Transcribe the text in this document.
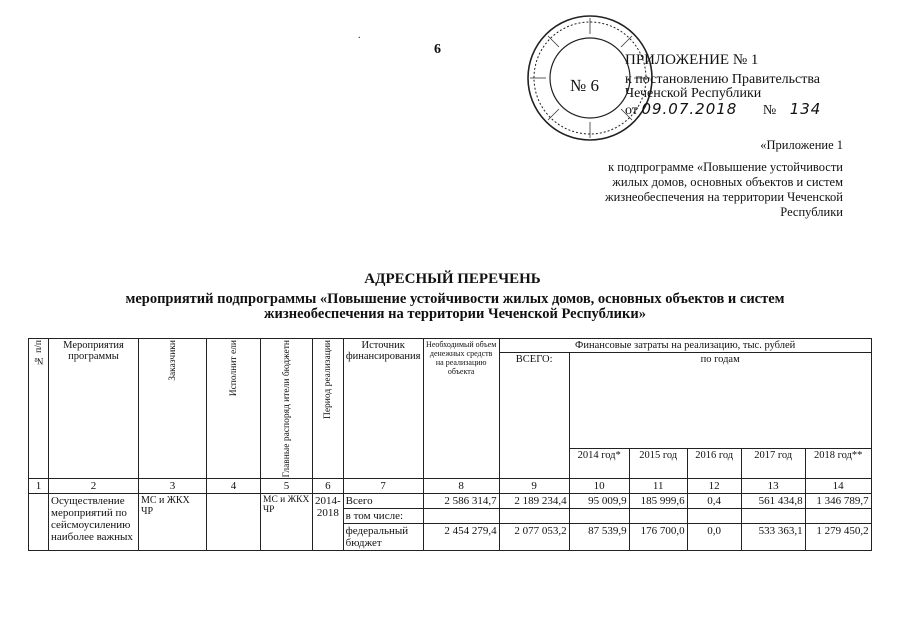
.
6
№ 6
ПРИЛОЖЕНИЕ № 1
к постановлению Правительства
Чеченской Республики
от 09.07.2018 № 134
«Приложение 1
к подпрограмме «Повышение устойчивости жилых домов, основных объектов и систем жизнеобеспечения на территории Чеченской Республики
АДРЕСНЫЙ ПЕРЕЧЕНЬ
мероприятий подпрограммы «Повышение устойчивости жилых домов, основных объектов и систем жизнеобеспечения на территории Чеченской Республики»
№ п/п	Мероприятия программы	Заказчики	Исполнит ели	Главные распоряд ители бюджетн	Период реализации	Источник финансирования	Необходимый объем денежных средств на реализацию объекта	Финансовые затраты на реализацию, тыс. рублей					
								ВСЕГО:	по годам				
									2014 год*	2015 год	2016 год	2017 год	2018 год**
1	2	3	4	5	6	7	8	9	10	11	12	13	14
	Осуществление мероприятий по сейсмоусилению наиболее важных	МС и ЖКХ ЧР		МС и ЖКХ ЧР	2014-2018	Всего	2 586 314,7	2 189 234,4	95 009,9	185 999,6	0,4	561 434,8	1 346 789,7
						в том числе:							
						федеральный бюджет	2 454 279,4	2 077 053,2	87 539,9	176 700,0	0,0	533 363,1	1 279 450,2
